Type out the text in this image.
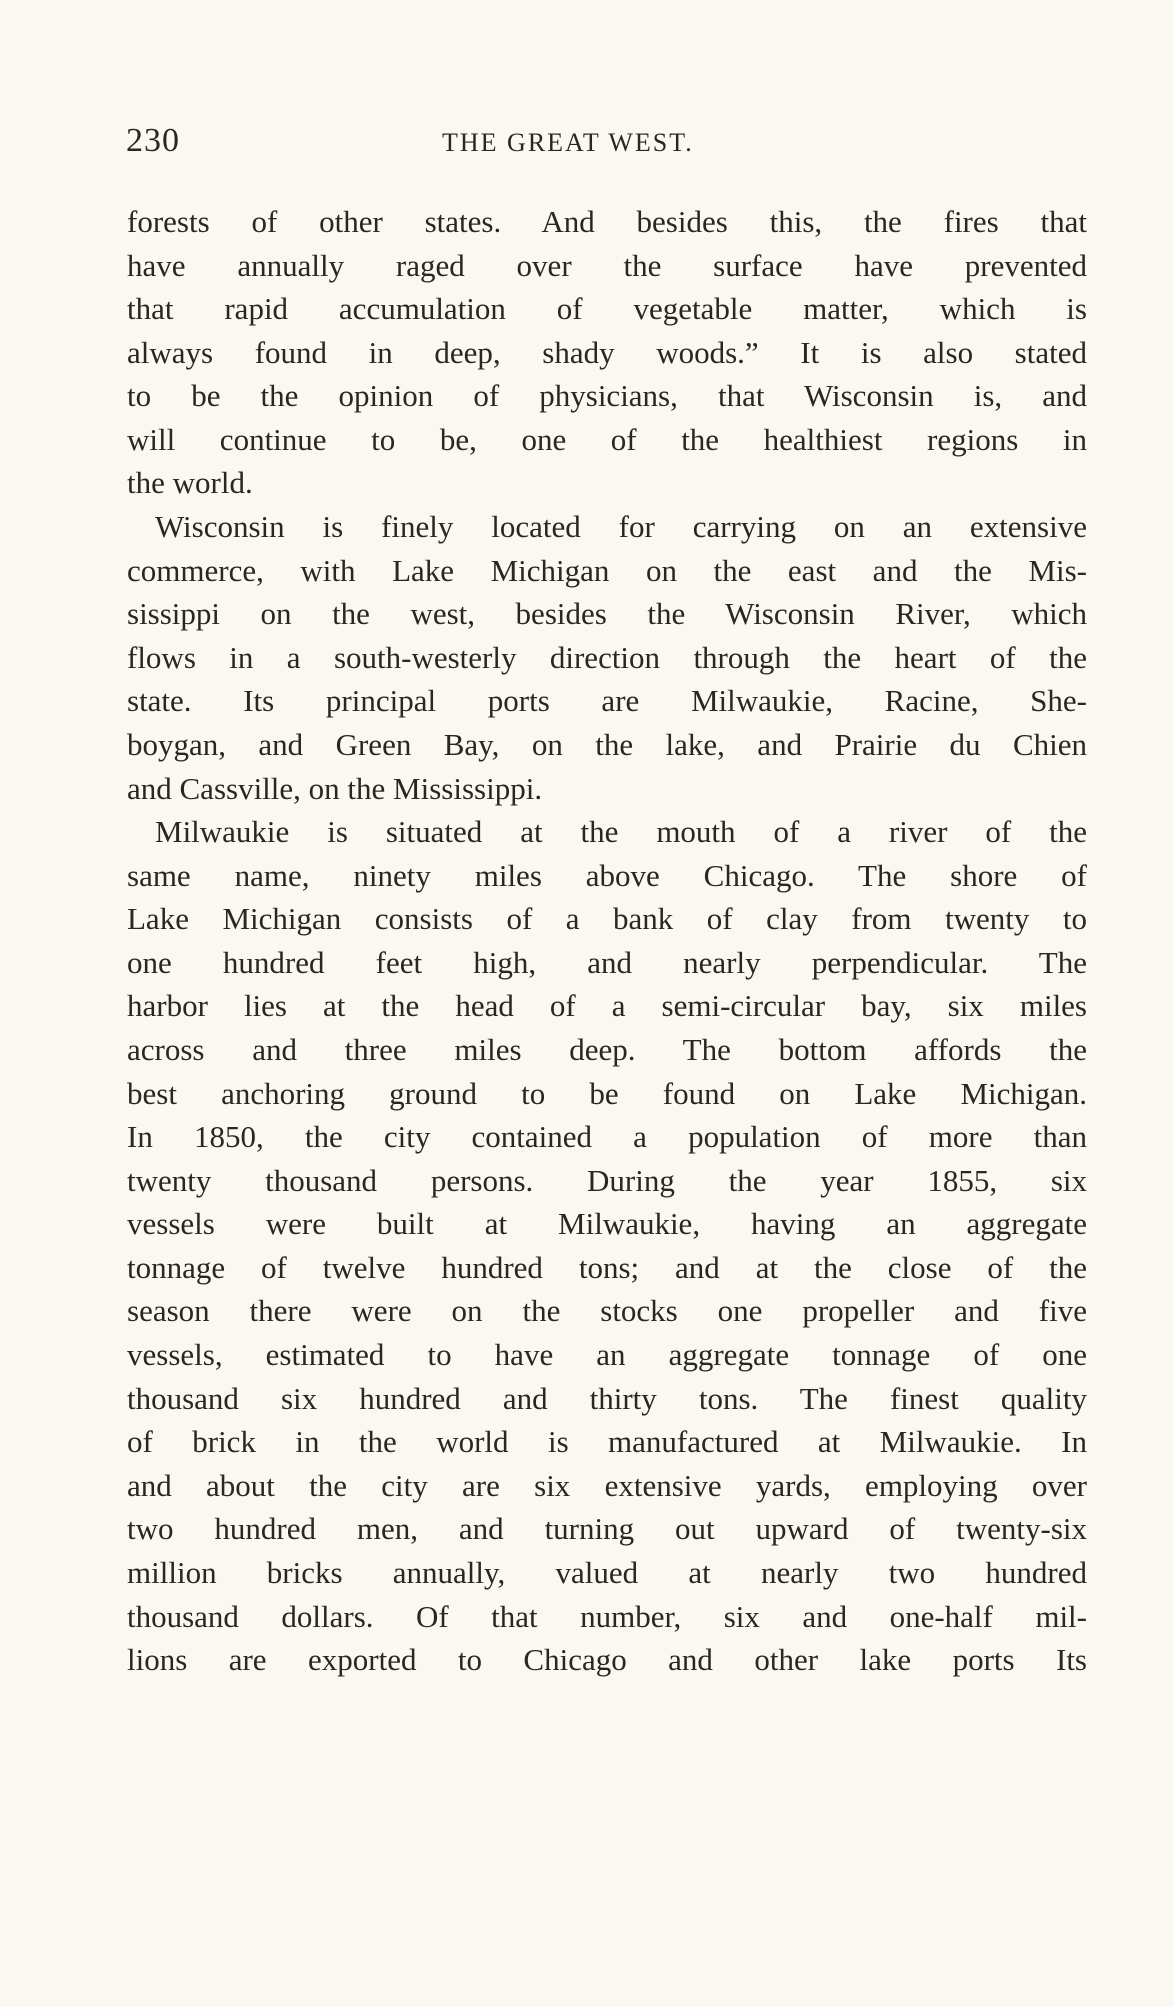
230	THE GREAT WEST.
forests of other states. And besides this, the fires that
have annually raged over the surface have prevented
that rapid accumulation of vegetable matter, which is
always found in deep, shady woods.” It is also stated
to be the opinion of physicians, that Wisconsin is, and
will continue to be, one of the healthiest regions in
the world.
Wisconsin is finely located for carrying on an extensive
commerce, with Lake Michigan on the east and the Mis-
sissippi on the west, besides the Wisconsin River, which
flows in a south-westerly direction through the heart of the
state. Its principal ports are Milwaukie, Racine, She-
boygan, and Green Bay, on the lake, and Prairie du Chien
and Cassville, on the Mississippi.
Milwaukie is situated at the mouth of a river of the
same name, ninety miles above Chicago. The shore of
Lake Michigan consists of a bank of clay from twenty to
one hundred feet high, and nearly perpendicular. The
harbor lies at the head of a semi-circular bay, six miles
across and three miles deep. The bottom affords the
best anchoring ground to be found on Lake Michigan.
In 1850, the city contained a population of more than
twenty thousand persons. During the year 1855, six
vessels were built at Milwaukie, having an aggregate
tonnage of twelve hundred tons; and at the close of the
season there were on the stocks one propeller and five
vessels, estimated to have an aggregate tonnage of one
thousand six hundred and thirty tons. The finest quality
of brick in the world is manufactured at Milwaukie. In
and about the city are six extensive yards, employing over
two hundred men, and turning out upward of twenty-six
million bricks annually, valued at nearly two hundred
thousand dollars. Of that number, six and one-half mil-
lions are exported to Chicago and other lake ports Its
